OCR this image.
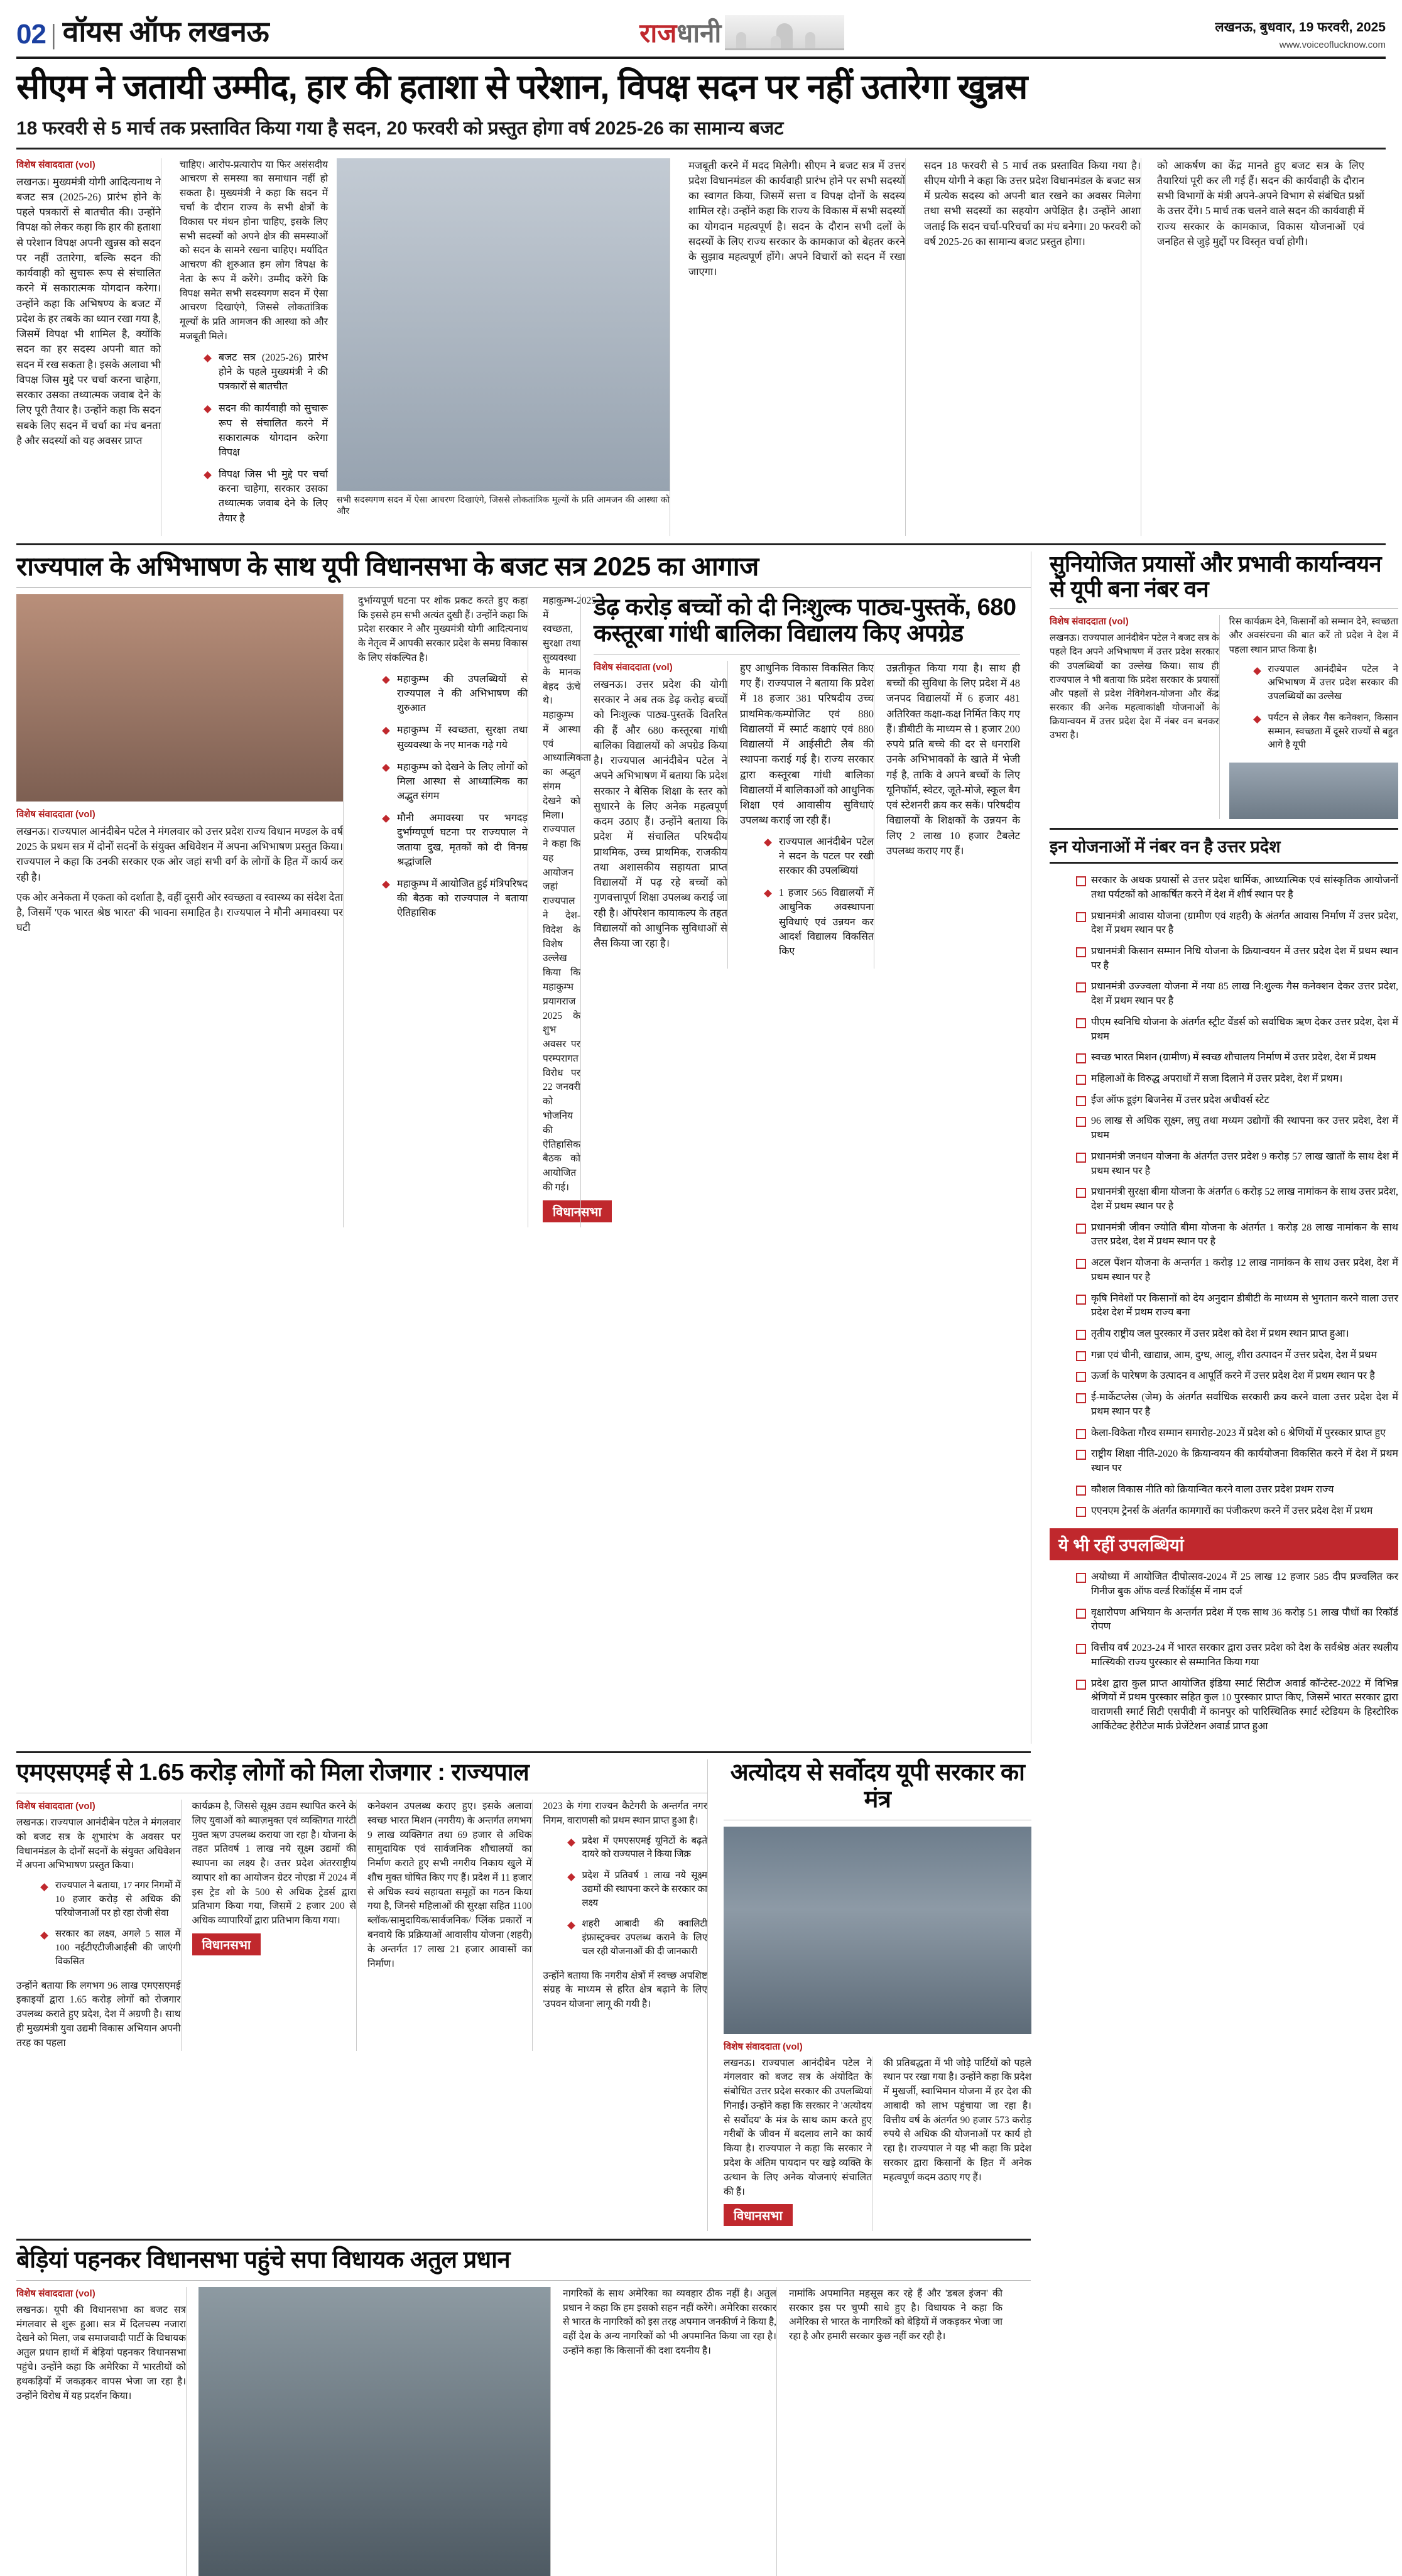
02 | वॉयस ऑफ लखनऊ	राज धानी	लखनऊ, बुधवार, 19 फरवरी, 2025
www.voiceoflucknow.com
सीएम ने जतायी उम्मीद, हार की हताशा से परेशान, विपक्ष सदन पर नहीं उतारेगा खुन्नस
18 फरवरी से 5 मार्च तक प्रस्तावित किया गया है सदन, 20 फरवरी को प्रस्तुत होगा वर्ष 2025-26 का सामान्य बजट
विशेष संवाददाता (vol)
लखनऊ। मुख्यमंत्री योगी आदित्यनाथ ने बजट सत्र (2025-26) प्रारंभ होने के पहले पत्रकारों से बातचीत की। उन्होंने विपक्ष को लेकर कहा कि हार की हताशा से परेशान विपक्ष अपनी खुन्नस को सदन पर नहीं उतारेगा, बल्कि सदन की कार्यवाही को सुचारू रूप से संचालित करने में सकारात्मक योगदान करेगा। उन्होंने कहा कि अभिषण्य के बजट में प्रदेश के हर तबके का ध्यान रखा गया है, जिसमें विपक्ष भी शामिल है, क्योंकि सदन का हर सदस्य अपनी बात को सदन में रख सकता है। इसके अलावा भी विपक्ष जिस मुद्दे पर चर्चा करना चाहेगा, सरकार उसका तथ्यात्मक जवाब देने के लिए पूरी तैयार है। उन्होंने कहा कि सदन सबके लिए सदन में चर्चा का मंच बनता है और सदस्यों को यह अवसर प्राप्त
चाहिए। आरोप-प्रत्यारोप या फिर असंसदीय आचरण से समस्या का समाधान नहीं हो सकता है। मुख्यमंत्री ने कहा कि सदन में चर्चा के दौरान राज्य के सभी क्षेत्रों के विकास पर मंथन होना चाहिए, इसके लिए सभी सदस्यों को अपने क्षेत्र की समस्याओं को सदन के सामने रखना चाहिए। मर्यादित आचरण की शुरुआत हम लोग विपक्ष के नेता के रूप में करेंगे। उम्मीद करेंगे कि विपक्ष समेत सभी सदस्यगण सदन में ऐसा आचरण दिखाएंगे, जिससे लोकतांत्रिक मूल्यों के प्रति आमजन की आस्था को और मजबूती मिले।
बजट सत्र (2025-26) प्रारंभ होने के पहले मुख्यमंत्री ने की पत्रकारों से बातचीत
सदन की कार्यवाही को सुचारू रूप से संचालित करने में सकारात्मक योगदान करेगा विपक्ष
विपक्ष जिस भी मुद्दे पर चर्चा करना चाहेगा, सरकार उसका तथ्यात्मक जवाब देने के लिए तैयार है
सभी सदस्यगण सदन में ऐसा आचरण दिखाएंगे, जिससे लोकतांत्रिक मूल्यों के प्रति आमजन की आस्था को और
मजबूती करने में मदद मिलेगी। सीएम ने बजट सत्र में उत्तर प्रदेश विधानमंडल की कार्यवाही प्रारंभ होने पर सभी सदस्यों का स्वागत किया, जिसमें सत्ता व विपक्ष दोनों के सदस्य शामिल रहे। उन्होंने कहा कि राज्य के विकास में सभी सदस्यों का योगदान महत्वपूर्ण है। सदन के दौरान सभी दलों के सदस्यों के लिए राज्य सरकार के कामकाज को बेहतर करने के सुझाव महत्वपूर्ण होंगे। अपने विचारों को सदन में रखा जाएगा।
सदन 18 फरवरी से 5 मार्च तक प्रस्तावित किया गया है। सीएम योगी ने कहा कि उत्तर प्रदेश विधानमंडल के बजट सत्र में प्रत्येक सदस्य को अपनी बात रखने का अवसर मिलेगा तथा सभी सदस्यों का सहयोग अपेक्षित है। उन्होंने आशा जताई कि सदन चर्चा-परिचर्चा का मंच बनेगा। 20 फरवरी को वर्ष 2025-26 का सामान्य बजट प्रस्तुत होगा।
को आकर्षण का केंद्र मानते हुए बजट सत्र के लिए तैयारियां पूरी कर ली गई हैं। सदन की कार्यवाही के दौरान सभी विभागों के मंत्री अपने-अपने विभाग से संबंधित प्रश्नों के उत्तर देंगे। 5 मार्च तक चलने वाले सदन की कार्यवाही में राज्य सरकार के कामकाज, विकास योजनाओं एवं जनहित से जुड़े मुद्दों पर विस्तृत चर्चा होगी।
राज्यपाल के अभिभाषण के साथ यूपी विधानसभा के बजट सत्र 2025 का आगाज
विशेष संवाददाता (vol)
लखनऊ। राज्यपाल आनंदीबेन पटेल ने मंगलवार को उत्तर प्रदेश राज्य विधान मण्डल के वर्ष 2025 के प्रथम सत्र में दोनों सदनों के संयुक्त अधिवेशन में अपना अभिभाषण प्रस्तुत किया। राज्यपाल ने कहा कि उनकी सरकार एक ओर जहां सभी वर्ग के लोगों के हित में कार्य कर रही है।
एक ओर अनेकता में एकता को दर्शाता है, वहीं दूसरी ओर स्वच्छता व स्वास्थ्य का संदेश देता है, जिसमें 'एक भारत श्रेष्ठ भारत' की भावना समाहित है। राज्यपाल ने मौनी अमावस्या पर घटी
दुर्भाग्यपूर्ण घटना पर शोक प्रकट करते हुए कहा कि इससे हम सभी अत्यंत दुखी हैं। उन्होंने कहा कि प्रदेश सरकार ने और मुख्यमंत्री योगी आदित्यनाथ के नेतृत्व में आपकी सरकार प्रदेश के समग्र विकास के लिए संकल्पित है।
महाकुम्भ की उपलब्धियों से राज्यपाल ने की अभिभाषण की शुरुआत
महाकुम्भ में स्वच्छता, सुरक्षा तथा सुव्यवस्था के नए मानक गढ़े गये
महाकुम्भ को देखने के लिए लोगों को मिला आस्था से आध्यात्मिक का अद्भुत संगम
मौनी अमावस्या पर भगदड़ दुर्भाग्यपूर्ण घटना पर राज्यपाल ने जताया दुख, मृतकों को दी विनम्र श्रद्धांजलि
महाकुम्भ में आयोजित हुई मंत्रिपरिषद की बैठक को राज्यपाल ने बताया ऐतिहासिक
महाकुम्भ-2025 में स्वच्छता, सुरक्षा तथा सुव्यवस्था के मानक बेहद ऊंचे थे। महाकुम्भ में आस्था एवं आध्यात्मिकता का अद्भुत संगम देखने को मिला। राज्यपाल ने कहा कि यह आयोजन जहां राज्यपाल ने देश-विदेश के विशेष उल्लेख किया कि महाकुम्भ प्रयागराज 2025 के शुभ अवसर पर परम्परागत विरोध पर 22 जनवरी को भोजनिय की ऐतिहासिक बैठक को आयोजित की गई।
विधानसभा
डेढ़ करोड़ बच्चों को दी निःशुल्क पाठ्य-पुस्तकें, 680 कस्तूरबा गांधी बालिका विद्यालय किए अपग्रेड
विशेष संवाददाता (vol)
लखनऊ। उत्तर प्रदेश की योगी सरकार ने अब तक डेढ़ करोड़ बच्चों को निःशुल्क पाठ्य-पुस्तकें वितरित की हैं और 680 कस्तूरबा गांधी बालिका विद्यालयों को अपग्रेड किया है। राज्यपाल आनंदीबेन पटेल ने अपने अभिभाषण में बताया कि प्रदेश सरकार ने बेसिक शिक्षा के स्तर को सुधारने के लिए अनेक महत्वपूर्ण कदम उठाए हैं। उन्होंने बताया कि प्रदेश में संचालित परिषदीय प्राथमिक, उच्च प्राथमिक, राजकीय तथा अशासकीय सहायता प्राप्त विद्यालयों में पढ़ रहे बच्चों को गुणवत्तापूर्ण शिक्षा उपलब्ध कराई जा रही है। ऑपरेशन कायाकल्प के तहत विद्यालयों को आधुनिक सुविधाओं से लैस किया जा रहा है।
हुए आधुनिक विकास विकसित किए गए हैं। राज्यपाल ने बताया कि प्रदेश में 18 हजार 381 परिषदीय उच्च प्राथमिक/कम्पोजिट एवं 880 विद्यालयों में स्मार्ट कक्षाएं एवं 880 विद्यालयों में आईसीटी लैब की स्थापना कराई गई है। राज्य सरकार द्वारा कस्तूरबा गांधी बालिका विद्यालयों में बालिकाओं को आधुनिक शिक्षा एवं आवासीय सुविधाएं उपलब्ध कराई जा रही हैं।
राज्यपाल आनंदीबेन पटेल ने सदन के पटल पर रखी सरकार की उपलब्धियां
1 हजार 565 विद्यालयों में आधुनिक अवस्थापना सुविधाएं एवं उन्नयन कर आदर्श विद्यालय विकसित किए
उन्नतीकृत किया गया है। साथ ही बच्चों की सुविधा के लिए प्रदेश में 48 जनपद विद्यालयों में 6 हजार 481 अतिरिक्त कक्षा-कक्ष निर्मित किए गए हैं। डीबीटी के माध्यम से 1 हजार 200 रुपये प्रति बच्चे की दर से धनराशि उनके अभिभावकों के खाते में भेजी गई है, ताकि वे अपने बच्चों के लिए यूनिफॉर्म, स्वेटर, जूते-मोजे, स्कूल बैग एवं स्टेशनरी क्रय कर सकें। परिषदीय विद्यालयों के शिक्षकों के उन्नयन के लिए 2 लाख 10 हजार टैबलेट उपलब्ध कराए गए हैं।
सुनियोजित प्रयासों और प्रभावी कार्यान्वयन से यूपी बना नंबर वन
विशेष संवाददाता (vol)
लखनऊ। राज्यपाल आनंदीबेन पटेल ने बजट सत्र के पहले दिन अपने अभिभाषण में उत्तर प्रदेश सरकार की उपलब्धियों का उल्लेख किया। साथ ही राज्यपाल ने भी बताया कि प्रदेश सरकार के प्रयासों और पहलों से प्रदेश नेविगेशन-योजना और केंद्र सरकार की अनेक महत्वाकांक्षी योजनाओं के क्रियान्वयन में उत्तर प्रदेश देश में नंबर वन बनकर उभरा है।
रिस कार्यक्रम देने, किसानों को सम्मान देने, स्वच्छता और अवसंरचना की बात करें तो प्रदेश ने देश में पहला स्थान प्राप्त किया है।
राज्यपाल आनंदीबेन पटेल ने अभिभाषण में उत्तर प्रदेश सरकार की उपलब्धियों का उल्लेख
पर्यटन से लेकर गैस कनेक्शन, किसान सम्मान, स्वच्छता में दूसरे राज्यों से बहुत आगे है यूपी
इन योजनाओं में नंबर वन है उत्तर प्रदेश
सरकार के अथक प्रयासों से उत्तर प्रदेश धार्मिक, आध्यात्मिक एवं सांस्कृतिक आयोजनों तथा पर्यटकों को आकर्षित करने में देश में शीर्ष स्थान पर है
प्रधानमंत्री आवास योजना (ग्रामीण एवं शहरी) के अंतर्गत आवास निर्माण में उत्तर प्रदेश, देश में प्रथम स्थान पर है
प्रधानमंत्री किसान सम्मान निधि योजना के क्रियान्वयन में उत्तर प्रदेश देश में प्रथम स्थान पर है
प्रधानमंत्री उज्ज्वला योजना में नया 85 लाख नि:शुल्क गैस कनेक्शन देकर उत्तर प्रदेश, देश में प्रथम स्थान पर है
पीएम स्वनिधि योजना के अंतर्गत स्ट्रीट वेंडर्स को सर्वाधिक ऋण देकर उत्तर प्रदेश, देश में प्रथम
स्वच्छ भारत मिशन (ग्रामीण) में स्वच्छ शौचालय निर्माण में उत्तर प्रदेश, देश में प्रथम
महिलाओं के विरुद्ध अपराधों में सजा दिलाने में उत्तर प्रदेश, देश में प्रथम।
ईज ऑफ डूइंग बिजनेस में उत्तर प्रदेश अचीवर्स स्टेट
96 लाख से अधिक सूक्ष्म, लघु तथा मध्यम उद्योगों की स्थापना कर उत्तर प्रदेश, देश में प्रथम
प्रधानमंत्री जनधन योजना के अंतर्गत उत्तर प्रदेश 9 करोड़ 57 लाख खातों के साथ देश में प्रथम स्थान पर है
प्रधानमंत्री सुरक्षा बीमा योजना के अंतर्गत 6 करोड़ 52 लाख नामांकन के साथ उत्तर प्रदेश, देश में प्रथम स्थान पर है
प्रधानमंत्री जीवन ज्योति बीमा योजना के अंतर्गत 1 करोड़ 28 लाख नामांकन के साथ उत्तर प्रदेश, देश में प्रथम स्थान पर है
अटल पेंशन योजना के अन्तर्गत 1 करोड़ 12 लाख नामांकन के साथ उत्तर प्रदेश, देश में प्रथम स्थान पर है
कृषि निवेशों पर किसानों को देय अनुदान डीबीटी के माध्यम से भुगतान करने वाला उत्तर प्रदेश देश में प्रथम राज्य बना
तृतीय राष्ट्रीय जल पुरस्कार में उत्तर प्रदेश को देश में प्रथम स्थान प्राप्त हुआ।
गन्ना एवं चीनी, खाद्यान्न, आम, दुग्ध, आलू, शीरा उत्पादन में उत्तर प्रदेश, देश में प्रथम
ऊर्जा के पारेषण के उत्पादन व आपूर्ति करने में उत्तर प्रदेश देश में प्रथम स्थान पर है
ई-मार्केटप्लेस (जेम) के अंतर्गत सर्वाधिक सरकारी क्रय करने वाला उत्तर प्रदेश देश में प्रथम स्थान पर है
केला-विकेता गौरव सम्मान समारोह-2023 में प्रदेश को 6 श्रेणियों में पुरस्कार प्राप्त हुए
राष्ट्रीय शिक्षा नीति-2020 के क्रियान्वयन की कार्ययोजना विकसित करने में देश में प्रथम स्थान पर
कौशल विकास नीति को क्रियान्वित करने वाला उत्तर प्रदेश प्रथम राज्य
एएनएम ट्रेनर्स के अंतर्गत कामगारों का पंजीकरण करने में उत्तर प्रदेश देश में प्रथम
ये भी रहीं उपलब्धियां
अयोध्या में आयोजित दीपोत्सव-2024 में 25 लाख 12 हजार 585 दीप प्रज्वलित कर गिनीज बुक ऑफ वर्ल्ड रिकॉर्ड्स में नाम दर्ज
वृक्षारोपण अभियान के अन्तर्गत प्रदेश में एक साथ 36 करोड़ 51 लाख पौधों का रिकॉर्ड रोपण
वित्तीय वर्ष 2023-24 में भारत सरकार द्वारा उत्तर प्रदेश को देश के सर्वश्रेष्ठ अंतर स्थलीय मात्स्यिकी राज्य पुरस्कार से सम्मानित किया गया
प्रदेश द्वारा कुल प्राप्त आयोजित इंडिया स्मार्ट सिटीज अवार्ड कॉन्टेस्ट-2022 में विभिन्न श्रेणियों में प्रथम पुरस्कार सहित कुल 10 पुरस्कार प्राप्त किए, जिसमें भारत सरकार द्वारा वाराणसी स्मार्ट सिटी एसपीवी में कानपुर को पारिस्थितिक स्मार्ट स्टेडियम के हिस्टोरिक आर्किटेक्ट हेरीटेज मार्क प्रेजेंटेशन अवार्ड प्राप्त हुआ
एमएसएमई से 1.65 करोड़ लोगों को मिला रोजगार : राज्यपाल
विशेष संवाददाता (vol)
लखनऊ। राज्यपाल आनंदीबेन पटेल ने मंगलवार को बजट सत्र के शुभारंभ के अवसर पर विधानमंडल के दोनों सदनों के संयुक्त अधिवेशन में अपना अभिभाषण प्रस्तुत किया।
राज्यपाल ने बताया, 17 नगर निगमों में 10 हजार करोड़ से अधिक की परियोजनाओं पर हो रहा रोजी सेवा
सरकार का लक्ष्य, अगले 5 साल में 100 नईटीएटीजीआईसी की जाएंगी विकसित
उन्होंने बताया कि लगभग 96 लाख एमएसएमई इकाइयों द्वारा 1.65 करोड़ लोगों को रोजगार उपलब्ध कराते हुए प्रदेश, देश में अग्रणी है। साथ ही मुख्यमंत्री युवा उद्यमी विकास अभियान अपनी तरह का पहला
कार्यक्रम है, जिससे सूक्ष्म उद्यम स्थापित करने के लिए युवाओं को ब्याज़मुक्त एवं व्यक्तिगत गारंटी मुक्त ऋण उपलब्ध कराया जा रहा है। योजना के तहत प्रतिवर्ष 1 लाख नये सूक्ष्म उद्यमों की स्थापना का लक्ष्य है। उत्तर प्रदेश अंतरराष्ट्रीय व्यापार शो का आयोजन ग्रेटर नोएडा में 2024 में इस ट्रेड शो के 500 से अधिक ट्रेडर्स द्वारा प्रतिभाग किया गया, जिसमें 2 हजार 200 से अधिक व्यापारियों द्वारा प्रतिभाग किया गया।
विधानसभा
कनेक्शन उपलब्ध कराए हुए। इसके अलावा स्वच्छ भारत मिशन (नगरीय) के अन्तर्गत लगभग 9 लाख व्यक्तिगत तथा 69 हजार से अधिक सामुदायिक एवं सार्वजनिक शौचालयों का निर्माण कराते हुए सभी नगरीय निकाय खुले में शौच मुक्त घोषित किए गए हैं। प्रदेश में 11 हजार से अधिक स्वयं सहायता समूहों का गठन किया गया है, जिनसे महिलाओं की सुरक्षा सहित 1100 ब्लॉक/सामुदायिक/सार्वजनिक/ प्लिंक प्रकारों न बनवाये कि प्रक्रियाओं आवासीय योजना (शहरी) के अन्तर्गत 17 लाख 21 हजार आवासों का निर्माण।
2023 के गंगा राज्यन कैटेगरी के अन्तर्गत नगर निगम, वाराणसी को प्रथम स्थान प्राप्त हुआ है।
प्रदेश में एमएसएमई यूनिटों के बढ़ते दायरे को राज्यपाल ने किया जिक्र
प्रदेश में प्रतिवर्ष 1 लाख नये सूक्ष्म उद्यमों की स्थापना करने के सरकार का लक्ष्य
शहरी आबादी की क्वालिटी इंफ्रास्ट्रक्चर उपलब्ध कराने के लिए चल रही योजनाओं की दी जानकारी
उन्होंने बताया कि नगरीय क्षेत्रों में स्वच्छ अपशिष्ट संग्रह के माध्यम से हरित क्षेत्र बढ़ाने के लिए 'उपवन योजना' लागू की गयी है।
अत्योदय से सर्वोदय यूपी सरकार का मंत्र
विशेष संवाददाता (vol)
लखनऊ। राज्यपाल आनंदीबेन पटेल ने मंगलवार को बजट सत्र के अंयोदित के संबोधित उत्तर प्रदेश सरकार की उपलब्धियां गिनाईं। उन्होंने कहा कि सरकार ने 'अत्योदय से सर्वोदय' के मंत्र के साथ काम करते हुए गरीबों के जीवन में बदलाव लाने का कार्य किया है। राज्यपाल ने कहा कि सरकार ने प्रदेश के अंतिम पायदान पर खड़े व्यक्ति के उत्थान के लिए अनेक योजनाएं संचालित की हैं।
विधानसभा
की प्रतिबद्धता में भी जोड़े पार्टियों को पहले स्थान पर रखा गया है। उन्होंने कहा कि प्रदेश में मुखर्जी, स्वाभिमान योजना में हर देश की आबादी को लाभ पहुंचाया जा रहा है। वित्तीय वर्ष के अंतर्गत 90 हजार 573 करोड़ रुपये से अधिक की योजनाओं पर कार्य हो रहा है। राज्यपाल ने यह भी कहा कि प्रदेश सरकार द्वारा किसानों के हित में अनेक महत्वपूर्ण कदम उठाए गए हैं।
बेड़ियां पहनकर विधानसभा पहुंचे सपा विधायक अतुल प्रधान
विशेष संवाददाता (vol)
लखनऊ। यूपी की विधानसभा का बजट सत्र मंगलवार से शुरू हुआ। सत्र में दिलचस्प नजारा देखने को मिला, जब समाजवादी पार्टी के विधायक अतुल प्रधान हाथों में बेड़ियां पहनकर विधानसभा पहुंचे। उन्होंने कहा कि अमेरिका में भारतीयों को हथकड़ियों में जकड़कर वापस भेजा जा रहा है। उन्होंने विरोध में यह प्रदर्शन किया।
नागरिकों के साथ अमेरिका का व्यवहार ठीक नहीं है। अतुल प्रधान ने कहा कि हम इसको सहन नहीं करेंगे। अमेरिका सरकार से भारत के नागरिकों को इस तरह अपमान जनकीर्ण ने किया है, वहीं देश के अन्य नागरिकों को भी अपमानित किया जा रहा है। उन्होंने कहा कि किसानों की दशा दयनीय है।
नामांकि अपमानित महसूस कर रहे हैं और 'डबल इंजन' की सरकार इस पर चुप्पी साधे हुए है। विधायक ने कहा कि अमेरिका से भारत के नागरिकों को बेड़ियों में जकड़कर भेजा जा रहा है और हमारी सरकार कुछ नहीं कर रही है।
